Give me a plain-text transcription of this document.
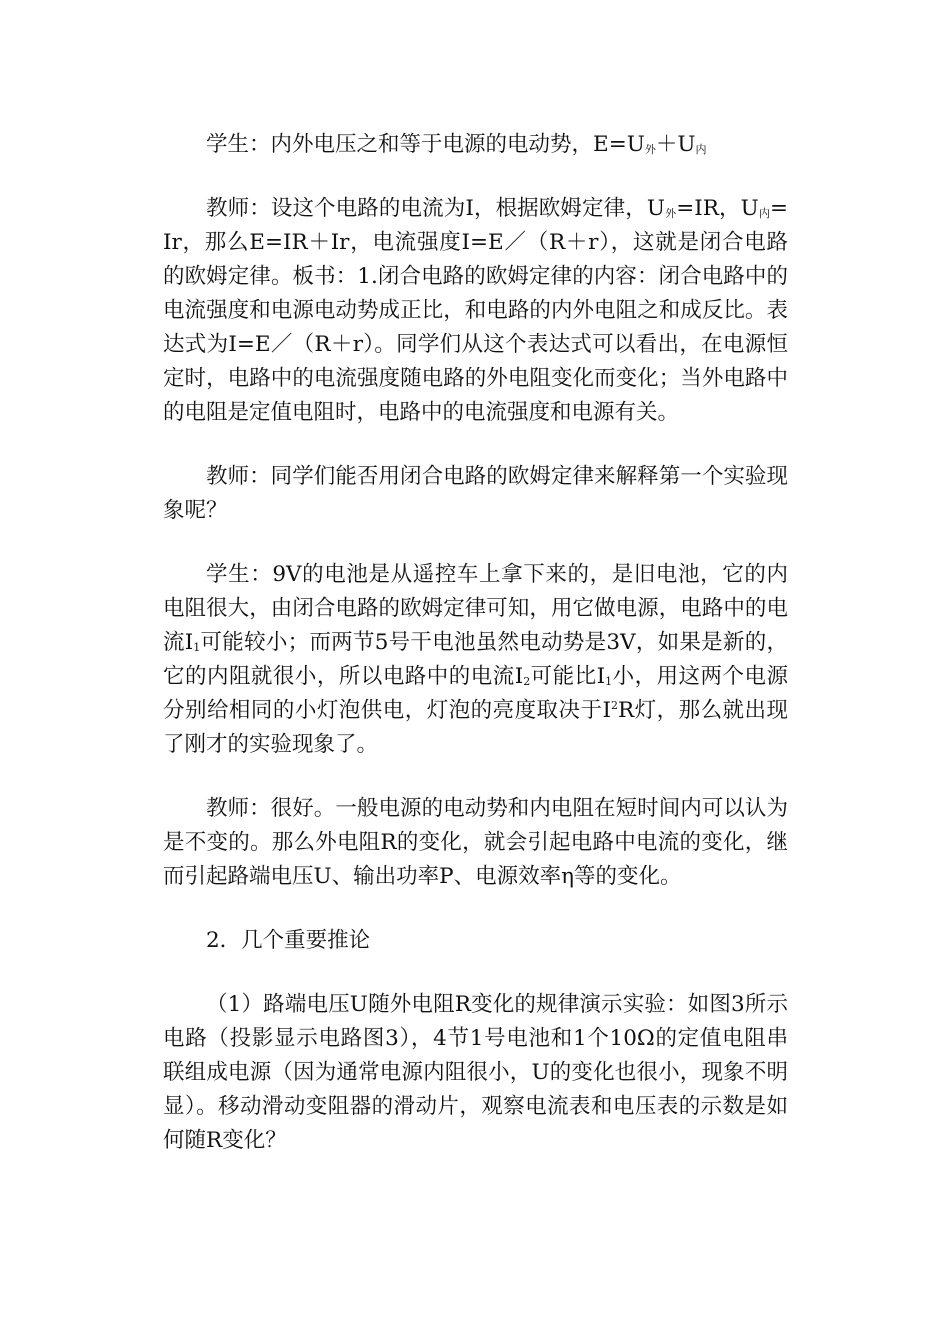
学生：内外电压之和等于电源的电动势，$E=U_外+U_内$

教师：设这个电路的电流为I，根据欧姆定律，$U_外=IR$，$U_内=Ir$，那么E=IR＋Ir，电流强度I=E／（R＋r），这就是闭合电路的欧姆定律。板书：1.闭合电路的欧姆定律的内容：闭合电路中的电流强度和电源电动势成正比，和电路的内外电阻之和成反比。表达式为I=E／（R＋r）。同学们从这个表达式可以看出，在电源恒定时，电路中的电流强度随电路的外电阻变化而变化；当外电路中的电阻是定值电阻时，电路中的电流强度和电源有关。

教师：同学们能否用闭合电路的欧姆定律来解释第一个实验现象呢？

学生：9V的电池是从遥控车上拿下来的，是旧电池，它的内电阻很大，由闭合电路的欧姆定律可知，用它做电源，电路中的电流$I_1$可能较小；而两节5号干电池虽然电动势是3V，如果是新的，它的内阻就很小，所以电路中的电流$I_2$可能比$I_1$小，用这两个电源分别给相同的小灯泡供电，灯泡的亮度取决于$I^2R$灯，那么就出现了刚才的实验现象了。

教师：很好。一般电源的电动势和内电阻在短时间内可以认为是不变的。那么外电阻R的变化，就会引起电路中电流的变化，继而引起路端电压U、输出功率P、电源效率η等的变化。

2．几个重要推论

（1）路端电压U随外电阻R变化的规律演示实验：如图3所示电路（投影显示电路图3），4节1号电池和1个10Ω的定值电阻串联组成电源（因为通常电源内阻很小，U的变化也很小，现象不明显）。移动滑动变阻器的滑动片，观察电流表和电压表的示数是如何随R变化？
